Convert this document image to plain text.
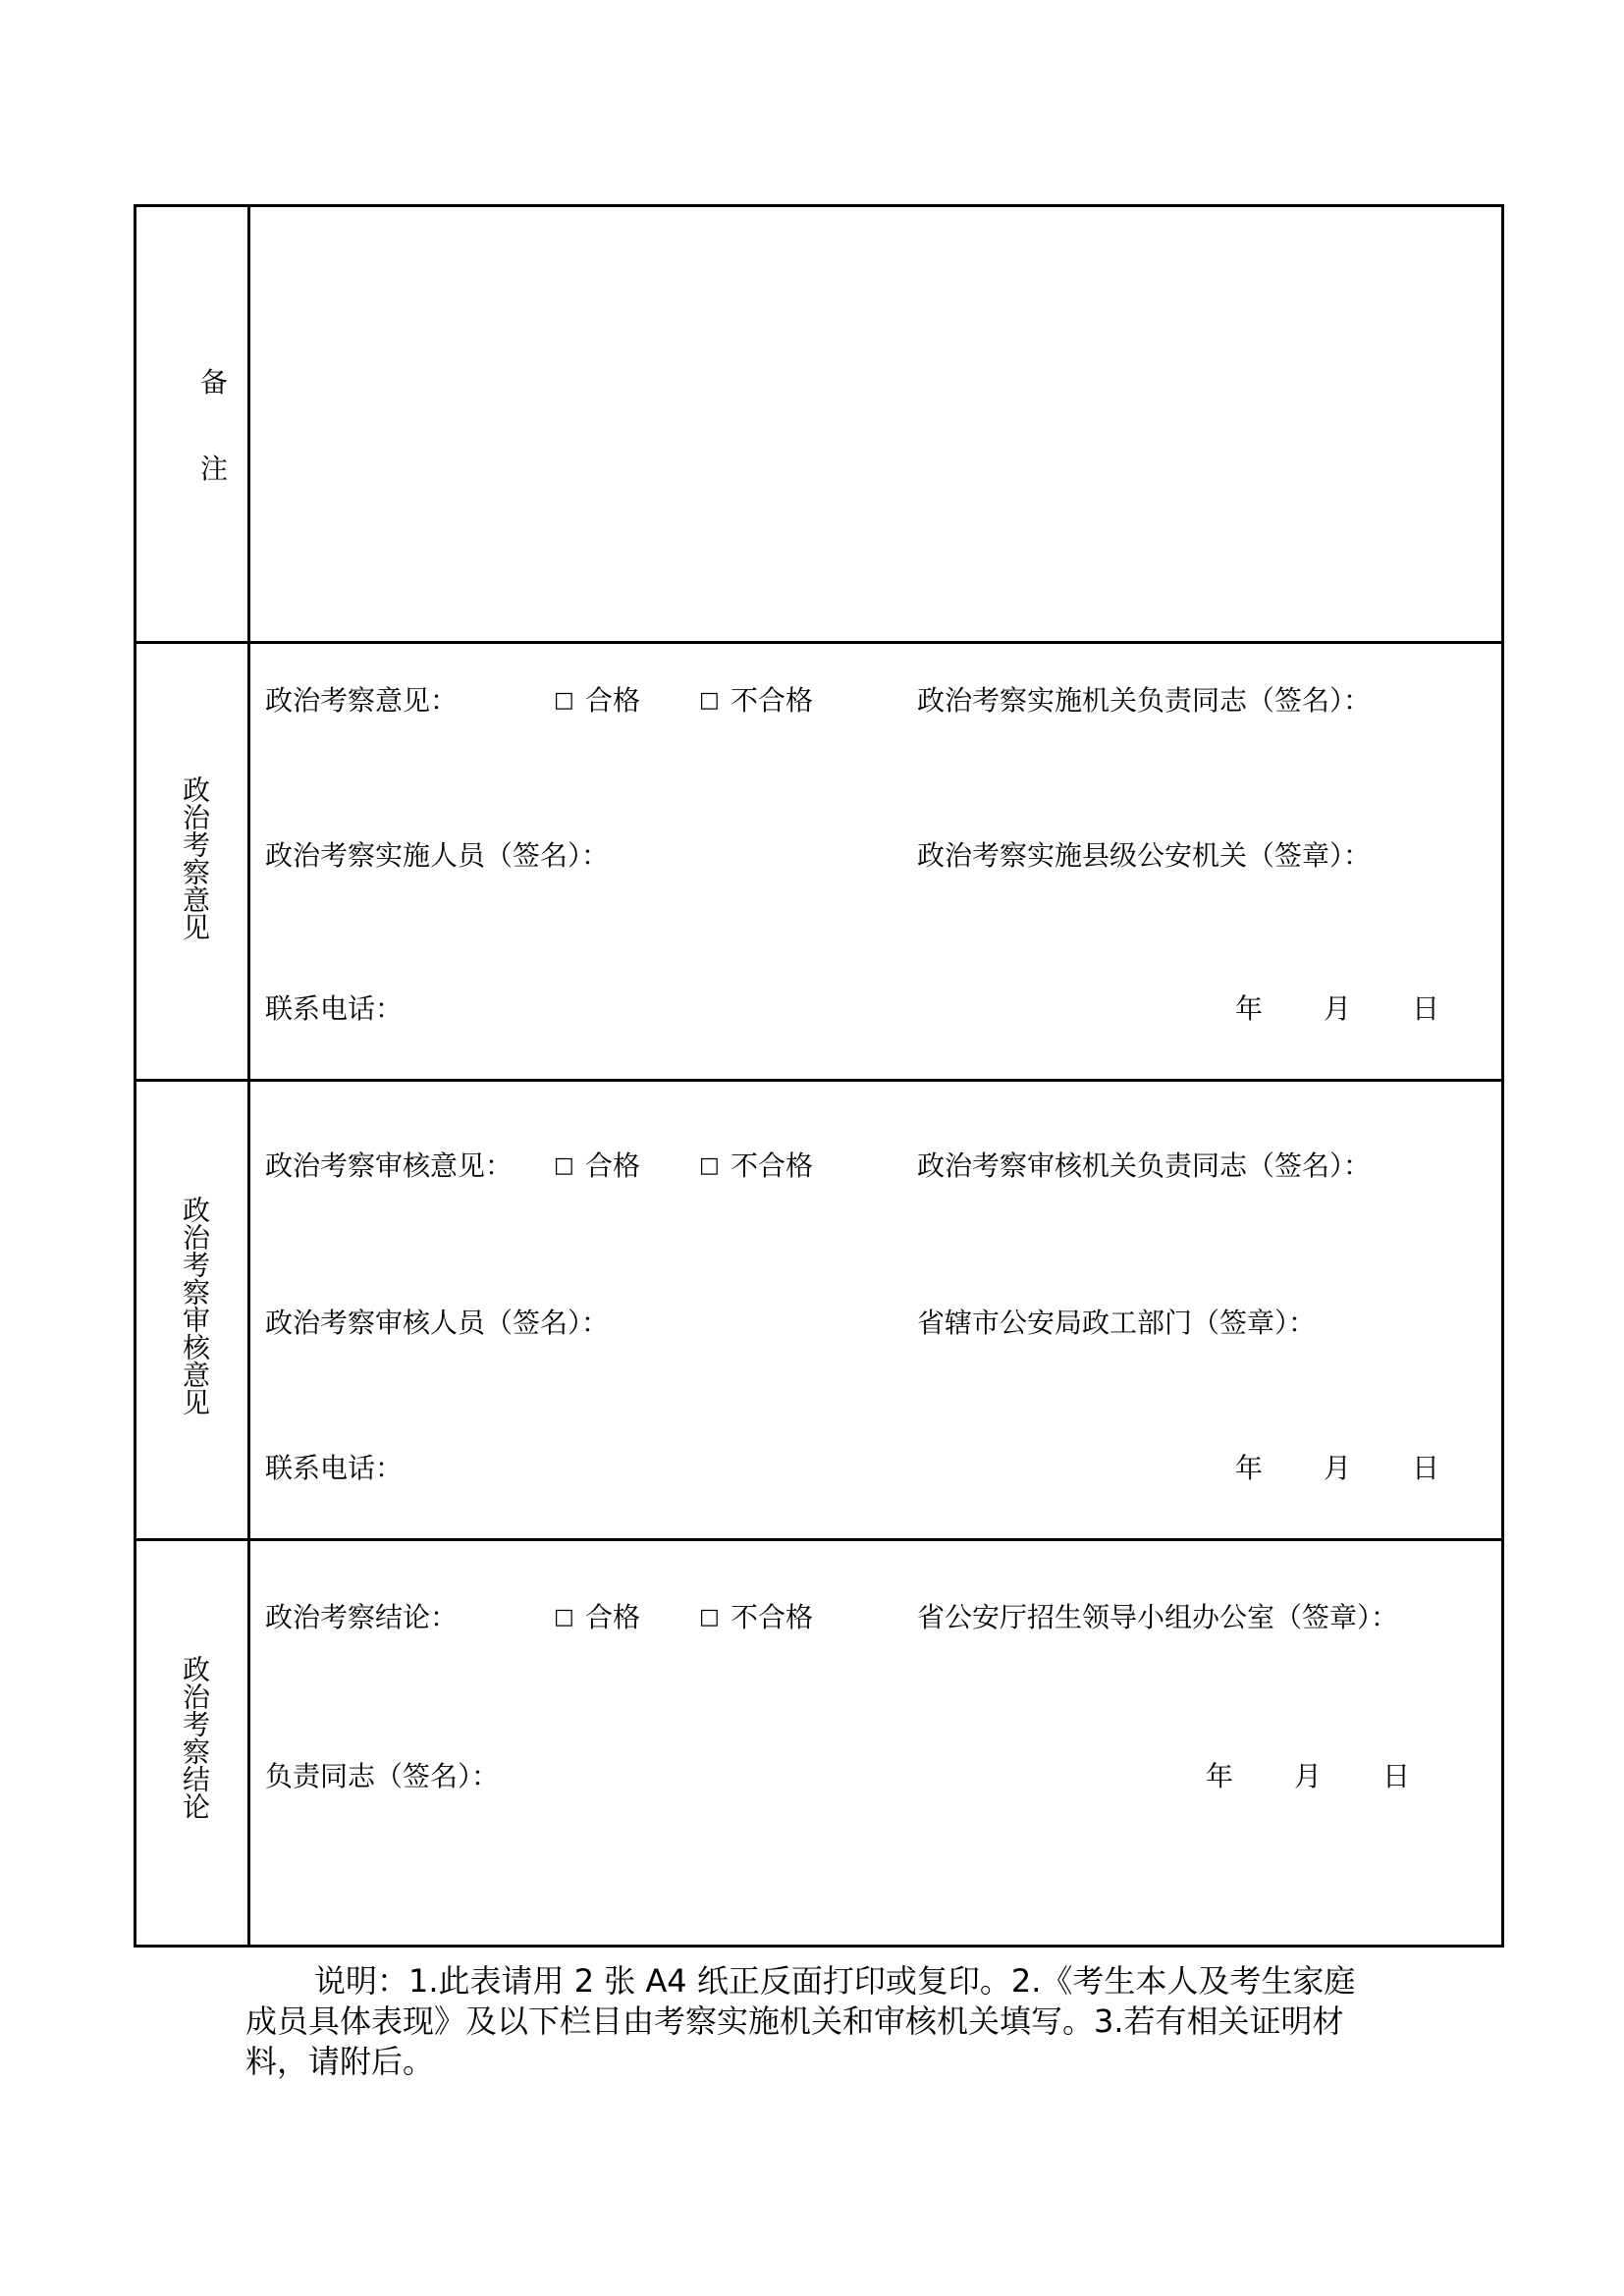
备
注
政治考察意见
政治考察意见：	□ 合格	□ 不合格	政治考察实施机关负责同志（签名）：
政治考察实施人员（签名）：	政治考察实施县级公安机关（签章）：
联系电话：	年 月 日
政治考察审核意见
政治考察审核意见： □ 合格	□ 不合格	政治考察审核机关负责同志（签名）：
政治考察审核人员（签名）：	省辖市公安局政工部门（签章）：
联系电话：	年 月 日
政治考察结论
政治考察结论：	□ 合格	□ 不合格	省公安厅招生领导小组办公室（签章）：
负责同志（签名）：	年 月 日
说明：1.此表请用 2 张 A4 纸正反面打印或复印。2.《考生本人及考生家庭
成员具体表现》及以下栏目由考察实施机关和审核机关填写。3.若有相关证明材
料，请附后。
